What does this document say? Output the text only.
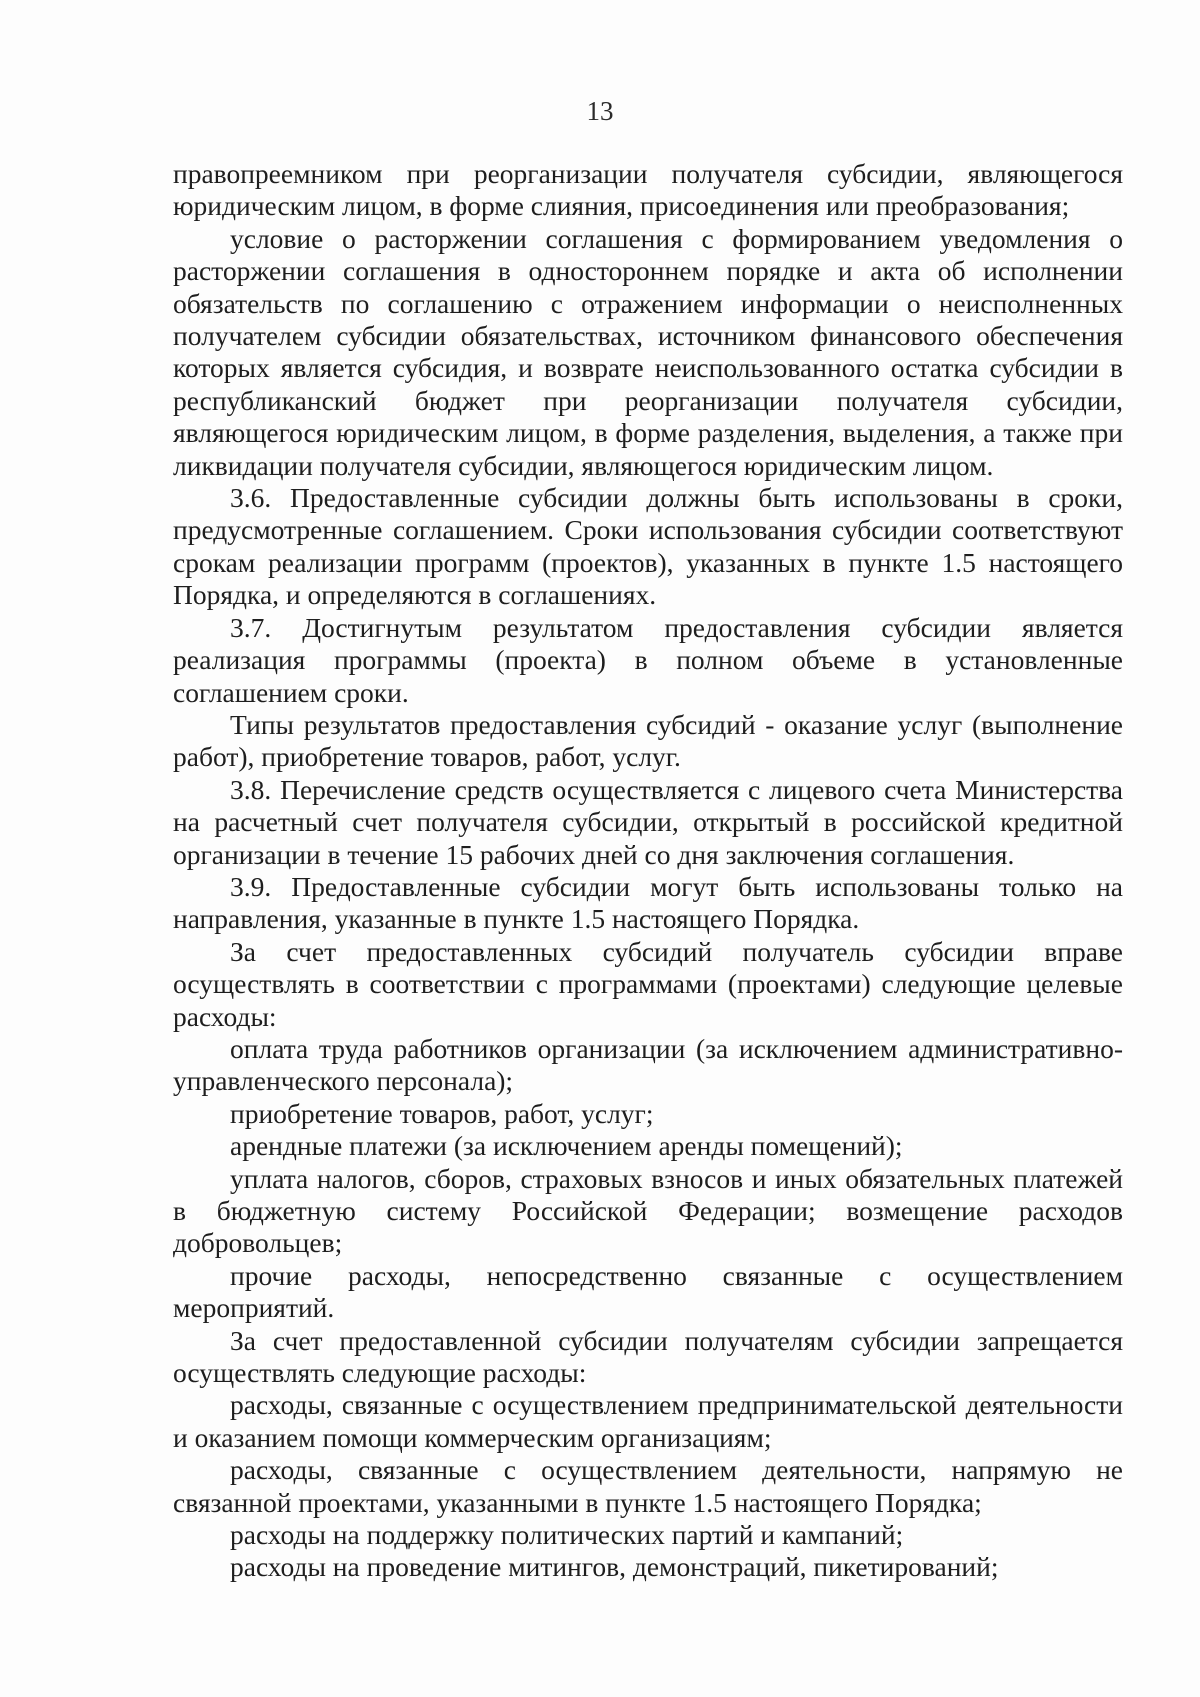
13

правопреемником при реорганизации получателя субсидии, являющегося юридическим лицом, в форме слияния, присоединения или преобразования;

условие о расторжении соглашения с формированием уведомления о расторжении соглашения в одностороннем порядке и акта об исполнении обязательств по соглашению с отражением информации о неисполненных получателем субсидии обязательствах, источником финансового обеспечения которых является субсидия, и возврате неиспользованного остатка субсидии в республиканский бюджет при реорганизации получателя субсидии, являющегося юридическим лицом, в форме разделения, выделения, а также при ликвидации получателя субсидии, являющегося юридическим лицом.

3.6. Предоставленные субсидии должны быть использованы в сроки, предусмотренные соглашением. Сроки использования субсидии соответствуют срокам реализации программ (проектов), указанных в пункте 1.5 настоящего Порядка, и определяются в соглашениях.

3.7. Достигнутым результатом предоставления субсидии является реализация программы (проекта) в полном объеме в установленные соглашением сроки.

Типы результатов предоставления субсидий - оказание услуг (выполнение работ), приобретение товаров, работ, услуг.

3.8. Перечисление средств осуществляется с лицевого счета Министерства на расчетный счет получателя субсидии, открытый в российской кредитной организации в течение 15 рабочих дней со дня заключения соглашения.

3.9. Предоставленные субсидии могут быть использованы только на направления, указанные в пункте 1.5 настоящего Порядка.

За счет предоставленных субсидий получатель субсидии вправе осуществлять в соответствии с программами (проектами) следующие целевые расходы:

оплата труда работников организации (за исключением административно-управленческого персонала);

приобретение товаров, работ, услуг;

арендные платежи (за исключением аренды помещений);

уплата налогов, сборов, страховых взносов и иных обязательных платежей в бюджетную систему Российской Федерации; возмещение расходов добровольцев;

прочие расходы, непосредственно связанные с осуществлением мероприятий.

За счет предоставленной субсидии получателям субсидии запрещается осуществлять следующие расходы:

расходы, связанные с осуществлением предпринимательской деятельности и оказанием помощи коммерческим организациям;

расходы, связанные с осуществлением деятельности, напрямую не связанной проектами, указанными в пункте 1.5 настоящего Порядка;

расходы на поддержку политических партий и кампаний;

расходы на проведение митингов, демонстраций, пикетирований;
